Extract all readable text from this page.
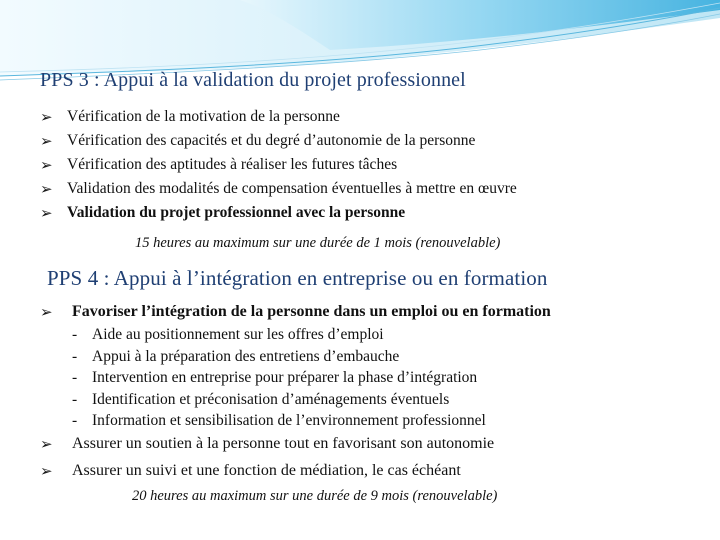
PPS 3 : Appui à la validation du projet professionnel
➢ Vérification de la motivation de la personne
➢ Vérification des capacités et du degré d’autonomie de la personne
➢ Vérification des aptitudes à réaliser les futures tâches
➢ Validation des modalités de compensation éventuelles à mettre en œuvre
➢ Validation du projet professionnel avec la personne
15 heures au maximum sur une durée de 1 mois (renouvelable)
PPS 4 : Appui à l’intégration en entreprise ou en formation
➢ Favoriser l’intégration de la personne dans un emploi ou en formation
- Aide au positionnement sur les offres d’emploi
- Appui à la préparation des entretiens d’embauche
- Intervention en entreprise pour préparer la phase d’intégration
- Identification et préconisation d’aménagements éventuels
- Information et sensibilisation de l’environnement professionnel
➢ Assurer un soutien à la personne tout en favorisant son autonomie
➢ Assurer un suivi et une fonction de médiation, le cas échéant
20 heures au maximum sur une durée de 9 mois (renouvelable)
